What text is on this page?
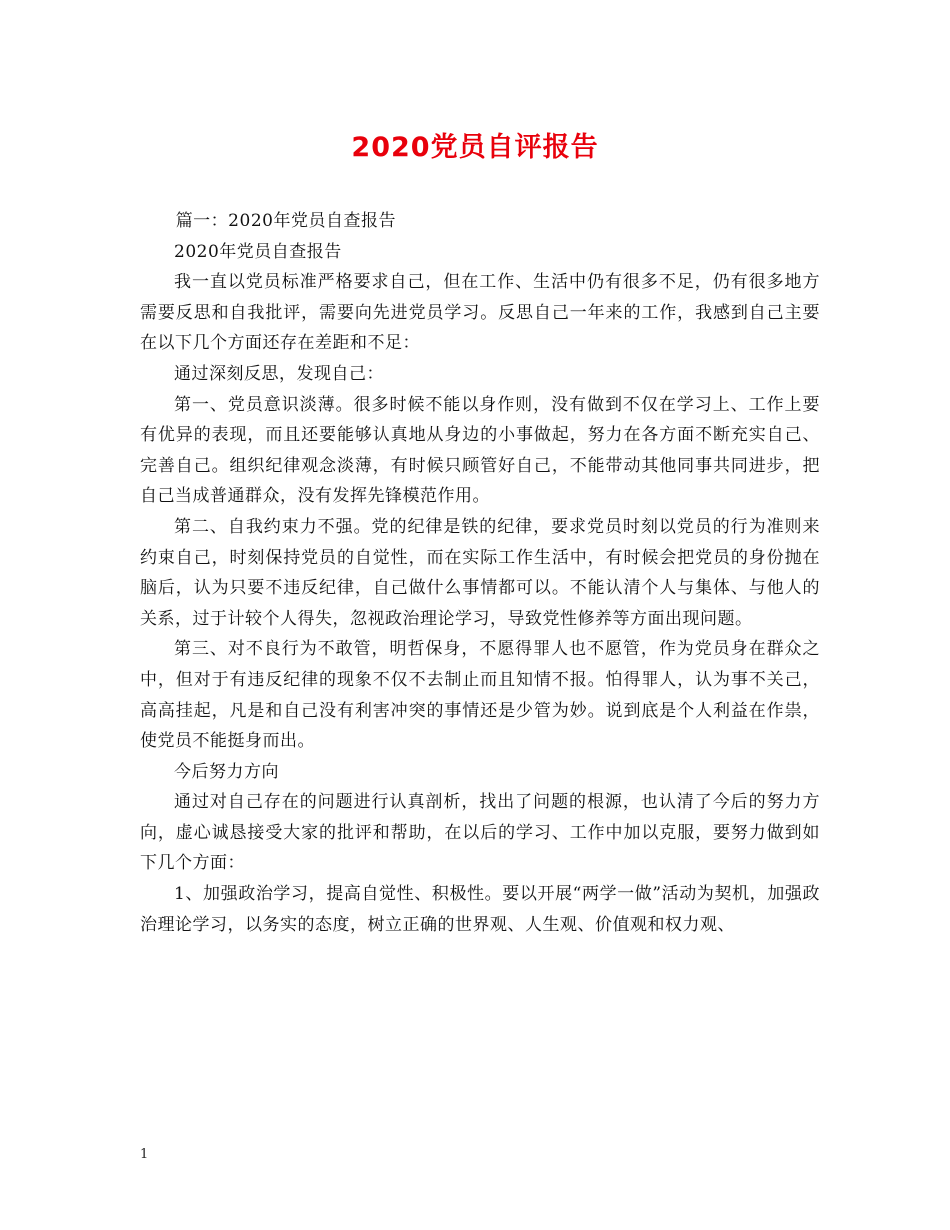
2020党员自评报告

篇一：2020年党员自查报告

2020年党员自查报告

我一直以党员标准严格要求自己，但在工作、生活中仍有很多不足，仍有很多地方需要反思和自我批评，需要向先进党员学习。反思自己一年来的工作，我感到自己主要在以下几个方面还存在差距和不足：

通过深刻反思，发现自己：

第一、党员意识淡薄。很多时候不能以身作则，没有做到不仅在学习上、工作上要有优异的表现，而且还要能够认真地从身边的小事做起，努力在各方面不断充实自己、完善自己。组织纪律观念淡薄，有时候只顾管好自己，不能带动其他同事共同进步，把自己当成普通群众，没有发挥先锋模范作用。

第二、自我约束力不强。党的纪律是铁的纪律，要求党员时刻以党员的行为准则来约束自己，时刻保持党员的自觉性，而在实际工作生活中，有时候会把党员的身份抛在脑后，认为只要不违反纪律，自己做什么事情都可以。不能认清个人与集体、与他人的关系，过于计较个人得失，忽视政治理论学习，导致党性修养等方面出现问题。

第三、对不良行为不敢管，明哲保身，不愿得罪人也不愿管，作为党员身在群众之中，但对于有违反纪律的现象不仅不去制止而且知情不报。怕得罪人，认为事不关己，高高挂起，凡是和自己没有利害冲突的事情还是少管为妙。说到底是个人利益在作祟，使党员不能挺身而出。

今后努力方向

通过对自己存在的问题进行认真剖析，找出了问题的根源，也认清了今后的努力方向，虚心诚恳接受大家的批评和帮助，在以后的学习、工作中加以克服，要努力做到如下几个方面：

1、加强政治学习，提高自觉性、积极性。要以开展“两学一做”活动为契机，加强政治理论学习，以务实的态度，树立正确的世界观、人生观、价值观和权力观、

1
